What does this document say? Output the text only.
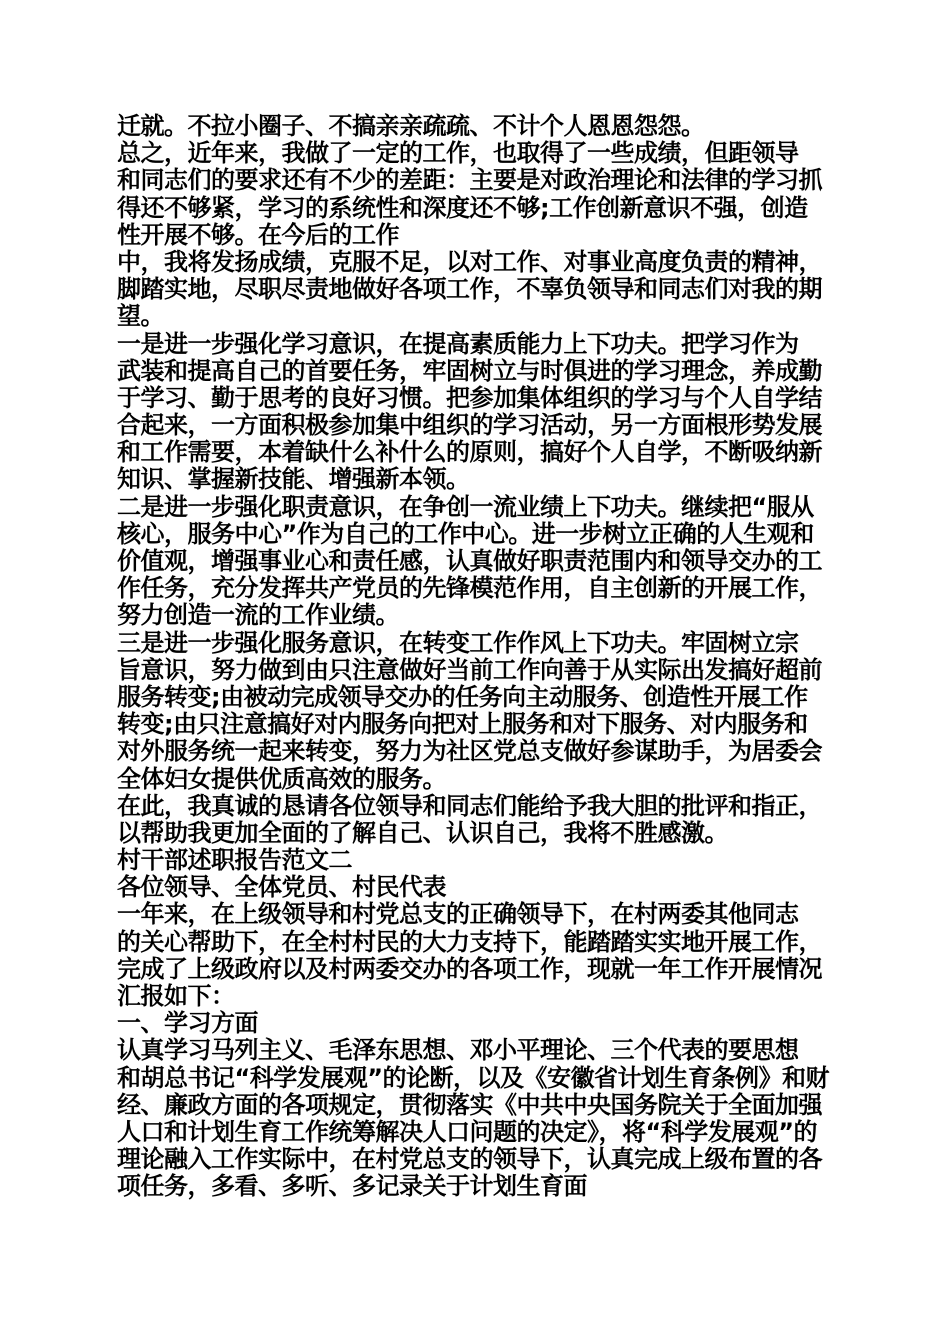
迁就。不拉小圈子、不搞亲亲疏疏、不计个人恩恩怨怨。
总之，近年来，我做了一定的工作，也取得了一些成绩，但距领导
和同志们的要求还有不少的差距：主要是对政治理论和法律的学习抓
得还不够紧，学习的系统性和深度还不够;工作创新意识不强，创造
性开展不够。在今后的工作
中，我将发扬成绩，克服不足，以对工作、对事业高度负责的精神，
脚踏实地，尽职尽责地做好各项工作，不辜负领导和同志们对我的期
望。
一是进一步强化学习意识，在提高素质能力上下功夫。把学习作为
武装和提高自己的首要任务，牢固树立与时俱进的学习理念，养成勤
于学习、勤于思考的良好习惯。把参加集体组织的学习与个人自学结
合起来，一方面积极参加集中组织的学习活动，另一方面根形势发展
和工作需要，本着缺什么补什么的原则，搞好个人自学，不断吸纳新
知识、掌握新技能、增强新本领。
二是进一步强化职责意识，在争创一流业绩上下功夫。继续把“服从
核心，服务中心”作为自己的工作中心。进一步树立正确的人生观和
价值观，增强事业心和责任感，认真做好职责范围内和领导交办的工
作任务，充分发挥共产党员的先锋模范作用，自主创新的开展工作，
努力创造一流的工作业绩。
三是进一步强化服务意识，在转变工作作风上下功夫。牢固树立宗
旨意识，努力做到由只注意做好当前工作向善于从实际出发搞好超前
服务转变;由被动完成领导交办的任务向主动服务、创造性开展工作
转变;由只注意搞好对内服务向把对上服务和对下服务、对内服务和
对外服务统一起来转变，努力为社区党总支做好参谋助手，为居委会
全体妇女提供优质高效的服务。
在此，我真诚的恳请各位领导和同志们能给予我大胆的批评和指正，
以帮助我更加全面的了解自己、认识自己，我将不胜感激。
村干部述职报告范文二
各位领导、全体党员、村民代表
一年来，在上级领导和村党总支的正确领导下，在村两委其他同志
的关心帮助下，在全村村民的大力支持下，能踏踏实实地开展工作，
完成了上级政府以及村两委交办的各项工作，现就一年工作开展情况
汇报如下：
一、学习方面
认真学习马列主义、毛泽东思想、邓小平理论、三个代表的要思想
和胡总书记“科学发展观”的论断，以及《安徽省计划生育条例》和财
经、廉政方面的各项规定，贯彻落实《中共中央国务院关于全面加强
人口和计划生育工作统筹解决人口问题的决定》，将“科学发展观”的
理论融入工作实际中，在村党总支的领导下，认真完成上级布置的各
项任务，多看、多听、多记录关于计划生育面
